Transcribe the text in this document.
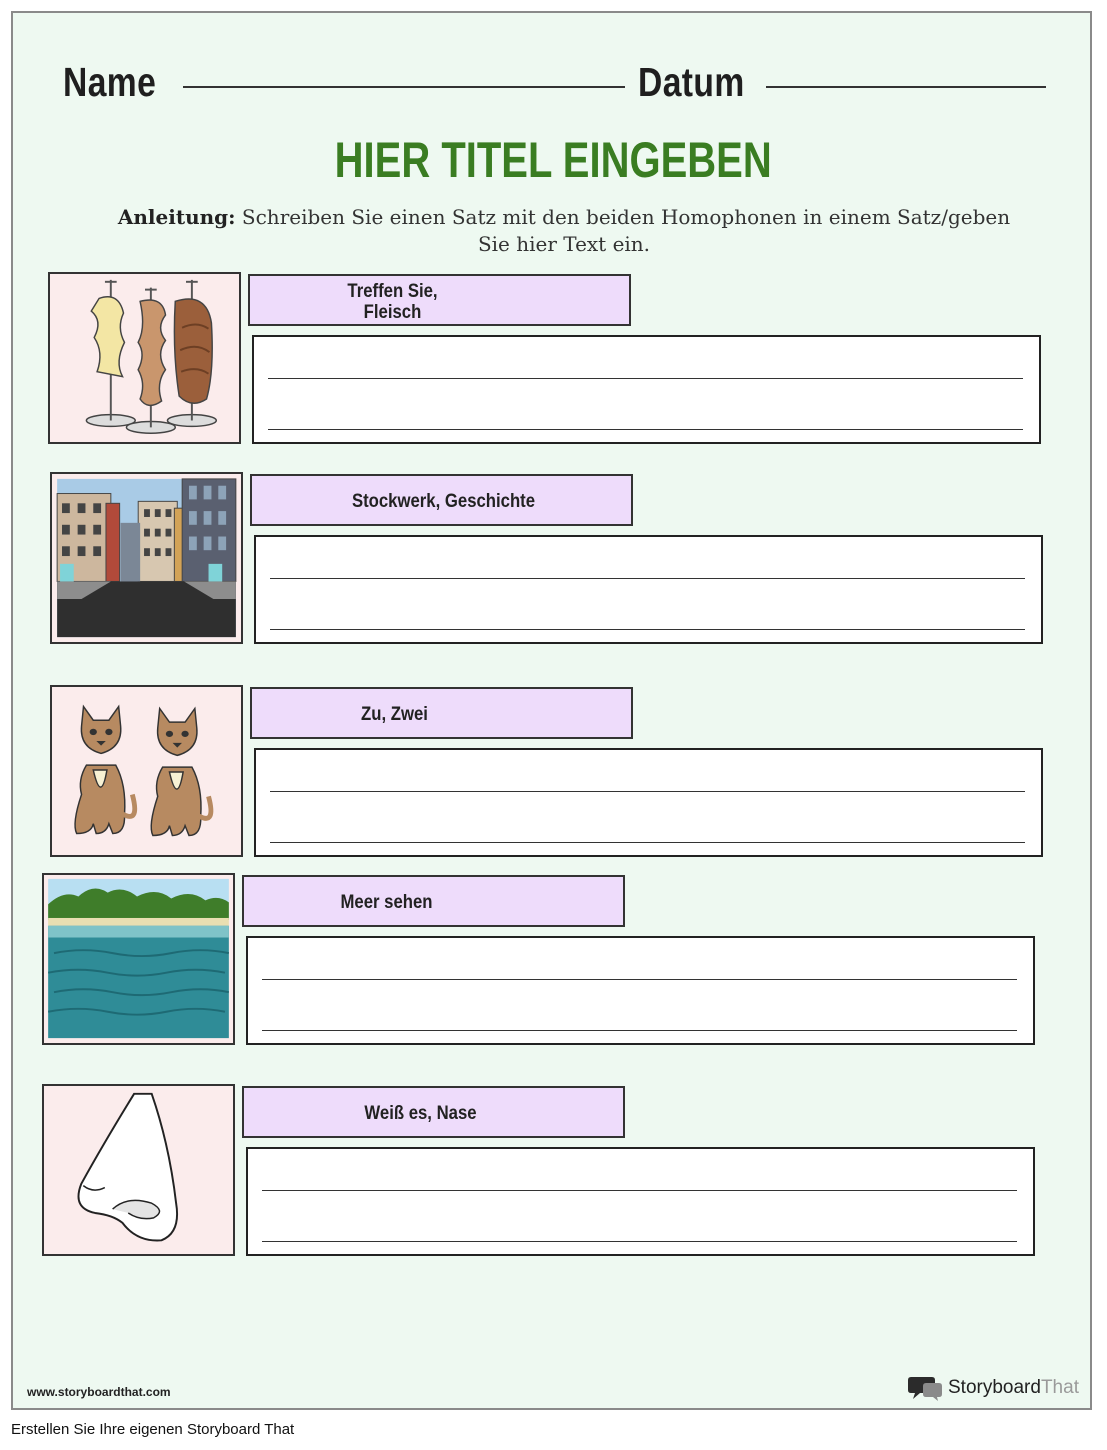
Name	Datum
HIER TITEL EINGEBEN
Anleitung: Schreiben Sie einen Satz mit den beiden Homophonen in einem Satz/geben Sie hier Text ein.
Treffen Sie,
Fleisch
Stockwerk, Geschichte
Zu, Zwei
Meer sehen
Weiß es, Nase
www.storyboardthat.com	StoryboardThat
Erstellen Sie Ihre eigenen Storyboard That
